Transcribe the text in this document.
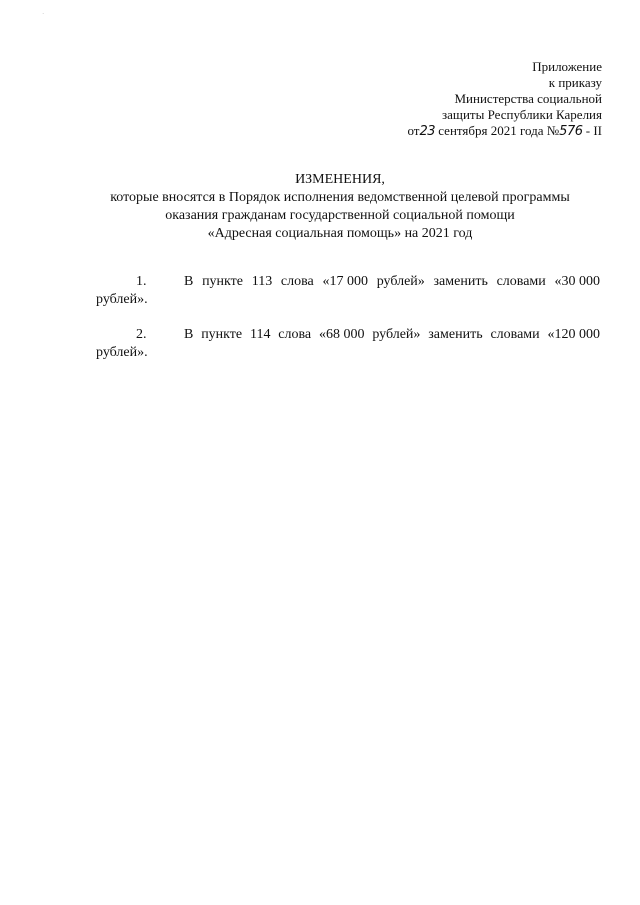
·
Приложение
к приказу
Министерства социальной
защиты Республики Карелия
от23 сентября 2021 года №576 - II
ИЗМЕНЕНИЯ,
которые вносятся в Порядок исполнения ведомственной целевой программы
оказания гражданам государственной социальной помощи
«Адресная социальная помощь» на 2021 год
1.	В пункте 113 слова «17 000 рублей» заменить словами «30 000
рублей».
2.	В пункте 114 слова «68 000 рублей» заменить словами «120 000
рублей».
